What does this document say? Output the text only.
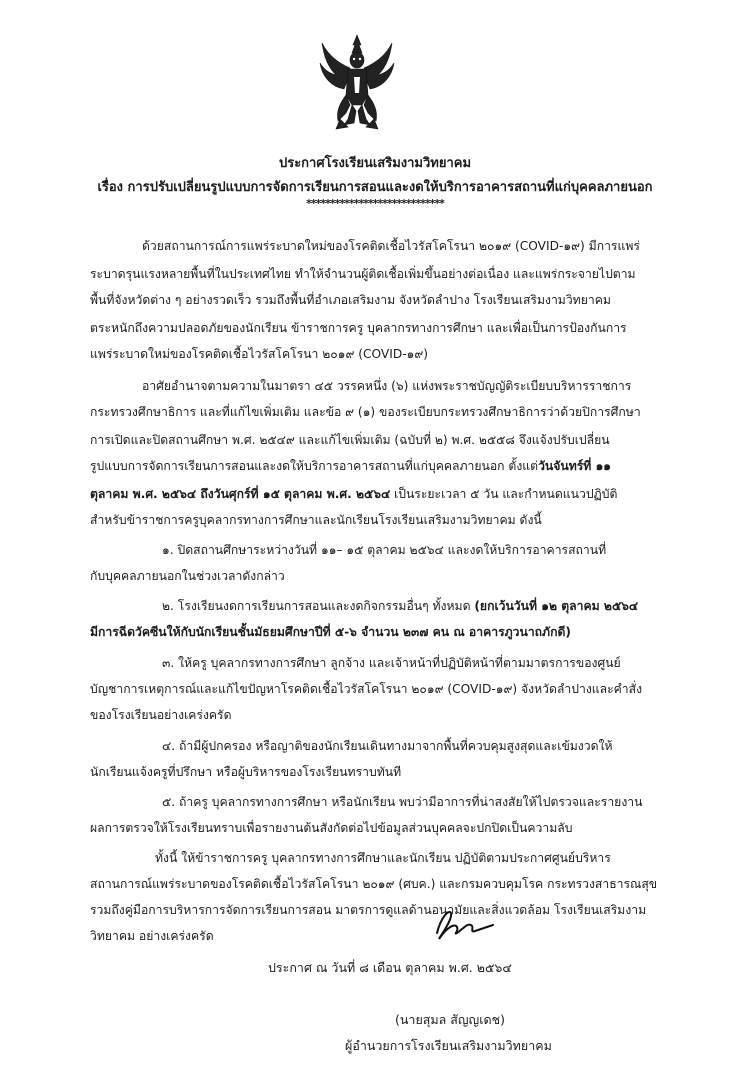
ประกาศโรงเรียนเสริมงามวิทยาคม
เรื่อง การปรับเปลี่ยนรูปแบบการจัดการเรียนการสอนและงดให้บริการอาคารสถานที่แก่บุคคลภายนอก
*****************************
ด้วยสถานการณ์การแพร่ระบาดใหม่ของโรคติดเชื้อไวรัสโคโรนา ๒๐๑๙ (COVID-๑๙) มีการแพร่
ระบาดรุนแรงหลายพื้นที่ในประเทศไทย ทำให้จำนวนผู้ติดเชื้อเพิ่มขึ้นอย่างต่อเนื่อง และแพร่กระจายไปตาม
พื้นที่จังหวัดต่าง ๆ อย่างรวดเร็ว รวมถึงพื้นที่อำเภอเสริมงาม จังหวัดลำปาง โรงเรียนเสริมงามวิทยาคม
ตระหนักถึงความปลอดภัยของนักเรียน ข้าราชการครู บุคลากรทางการศึกษา และเพื่อเป็นการป้องกันการ
แพร่ระบาดใหม่ของโรคติดเชื้อไวรัสโคโรนา ๒๐๑๙ (COVID-๑๙)
อาศัยอำนาจตามความในมาตรา ๔๕ วรรคหนึ่ง (๖) แห่งพระราชบัญญัติระเบียบบริหารราชการ
กระทรวงศึกษาธิการ และที่แก้ไขเพิ่มเติม และข้อ ๙ (๑) ของระเบียบกระทรวงศึกษาธิการว่าด้วยปิการศึกษา
การเปิดและปิดสถานศึกษา พ.ศ. ๒๕๔๙ และแก้ไขเพิ่มเติม (ฉบับที่ ๒) พ.ศ. ๒๕๕๘ จึงแจ้งปรับเปลี่ยน
รูปแบบการจัดการเรียนการสอนและงดให้บริการอาคารสถานที่แก่บุคคลภายนอก ตั้งแต่วันจันทร์ที่ ๑๑
ตุลาคม พ.ศ. ๒๕๖๔ ถึงวันศุกร์ที่ ๑๕ ตุลาคม พ.ศ. ๒๕๖๔ เป็นระยะเวลา ๕ วัน และกำหนดแนวปฏิบัติ
สำหรับข้าราชการครูบุคลากรทางการศึกษาและนักเรียนโรงเรียนเสริมงามวิทยาคม ดังนี้
๑. ปิดสถานศึกษาระหว่างวันที่ ๑๑– ๑๕ ตุลาคม ๒๕๖๔ และงดให้บริการอาคารสถานที่
กับบุคคลภายนอกในช่วงเวลาดังกล่าว
๒. โรงเรียนงดการเรียนการสอนและงดกิจกรรมอื่นๆ ทั้งหมด (ยกเว้นวันที่ ๑๒ ตุลาคม ๒๕๖๔
มีการฉีดวัคซีนให้กับนักเรียนชั้นมัธยมศึกษาปีที่ ๕-๖ จำนวน ๒๓๗ คน ณ อาคารภูวนาถภักดี)
๓. ให้ครู บุคลากรทางการศึกษา ลูกจ้าง และเจ้าหน้าที่ปฏิบัติหน้าที่ตามมาตรการของศูนย์
บัญชาการเหตุการณ์และแก้ไขปัญหาโรคติดเชื้อไวรัสโคโรนา ๒๐๑๙ (COVID-๑๙) จังหวัดลำปางและคำสั่ง
ของโรงเรียนอย่างเคร่งครัด
๔. ถ้ามีผู้ปกครอง หรือญาติของนักเรียนเดินทางมาจากพื้นที่ควบคุมสูงสุดและเข้มงวดให้
นักเรียนแจ้งครูที่ปรึกษา หรือผู้บริหารของโรงเรียนทราบทันที
๕. ถ้าครู บุคลากรทางการศึกษา หรือนักเรียน พบว่ามีอาการที่น่าสงสัยให้ไปตรวจและรายงาน
ผลการตรวจให้โรงเรียนทราบเพื่อรายงานต้นสังกัดต่อไปข้อมูลส่วนบุคคลจะปกปิดเป็นความลับ
ทั้งนี้ ให้ข้าราชการครู บุคลากรทางการศึกษาและนักเรียน ปฏิบัติตามประกาศศูนย์บริหาร
สถานการณ์แพร่ระบาดของโรคติดเชื้อไวรัสโคโรนา ๒๐๑๙ (ศบค.) และกรมควบคุมโรค กระทรวงสาธารณสุข
รวมถึงคู่มือการบริหารการจัดการเรียนการสอน มาตรการดูแลด้านอนามัยและสิ่งแวดล้อม โรงเรียนเสริมงาม
วิทยาคม อย่างเคร่งครัด
ประกาศ ณ วันที่ ๘ เดือน ตุลาคม พ.ศ. ๒๕๖๔
(นายสุมล สัญญเดช)
ผู้อำนวยการโรงเรียนเสริมงามวิทยาคม
